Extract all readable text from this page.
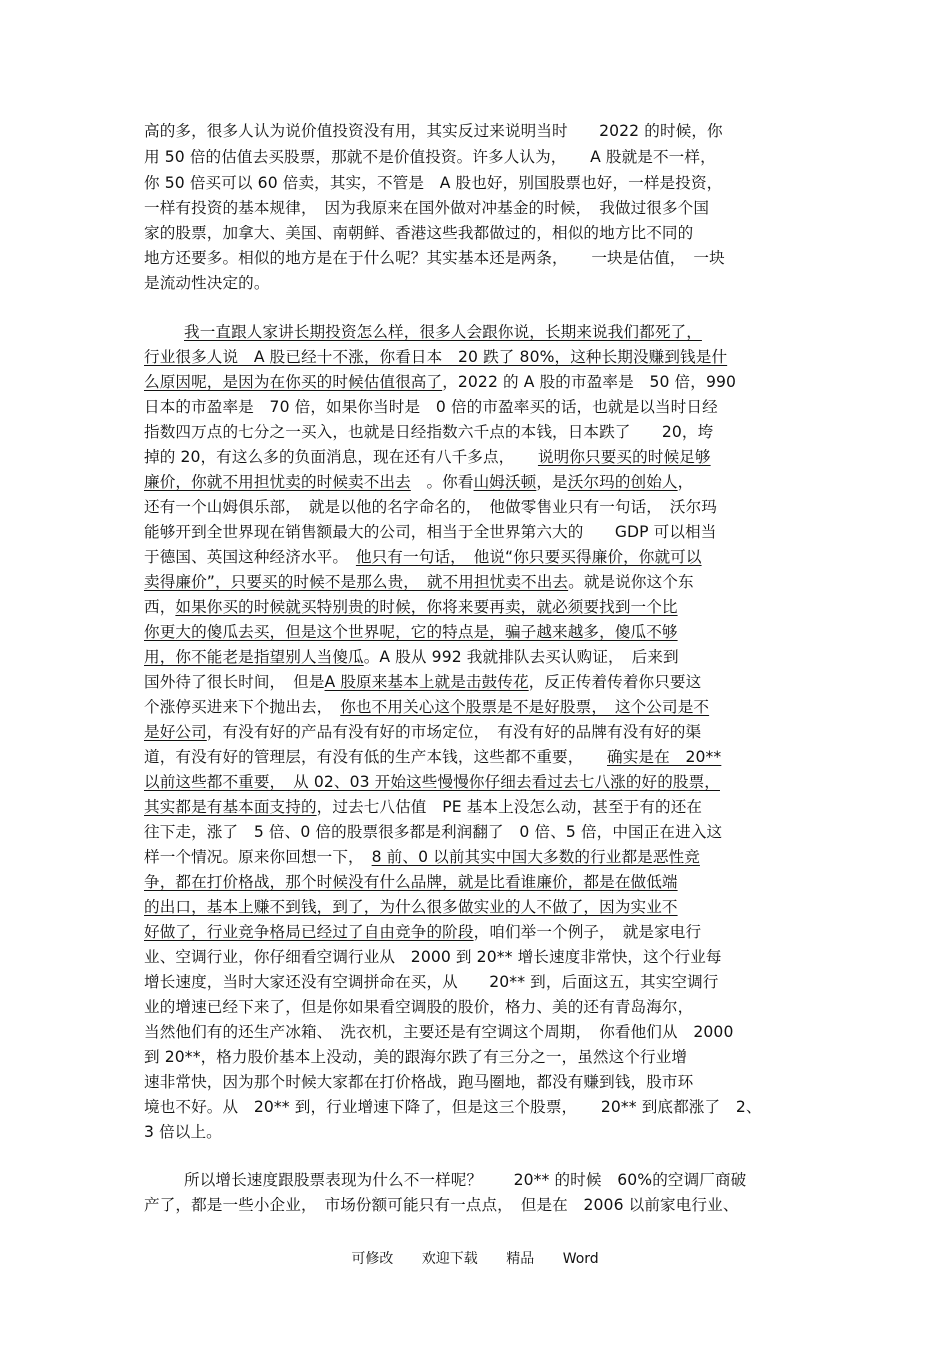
高的多，很多人认为说价值投资没有用，其实反过来说明当时　　2022 的时候，你
用 50 倍的估值去买股票，那就不是价值投资。许多人认为，　　A 股就是不一样，
你 50 倍买可以 60 倍卖，其实，不管是　A 股也好，别国股票也好，一样是投资，
一样有投资的基本规律，　因为我原来在国外做对冲基金的时候，　我做过很多个国
家的股票，加拿大、美国、南朝鲜、香港这些我都做过的，相似的地方比不同的
地方还要多。相似的地方是在于什么呢？其实基本还是两条，　　一块是估值，　一块
是流动性决定的。
我一直跟人家讲长期投资怎么样，很多人会跟你说，长期来说我们都死了，
行业很多人说　A 股已经十不涨，你看日本　20 跌了 80%，这种长期没赚到钱是什
么原因呢，是因为在你买的时候估值很高了，2022 的 A 股的市盈率是　50 倍，990
日本的市盈率是　70 倍，如果你当时是　0 倍的市盈率买的话，也就是以当时日经
指数四万点的七分之一买入，也就是日经指数六千点的本钱，日本跌了　　20，垮
掉的 20，有这么多的负面消息，现在还有八千多点，　　说明你只要买的时候足够
廉价，你就不用担忧卖的时候卖不出去　。你看山姆沃顿，是沃尔玛的创始人，
还有一个山姆俱乐部，　就是以他的名字命名的，　他做零售业只有一句话，　沃尔玛
能够开到全世界现在销售额最大的公司，相当于全世界第六大的　　GDP 可以相当
于德国、英国这种经济水平。　他只有一句话，　他说“你只要买得廉价，你就可以
卖得廉价”，只要买的时候不是那么贵，　就不用担忧卖不出去。就是说你这个东
西，如果你买的时候就买特别贵的时候，你将来要再卖，就必须要找到一个比
你更大的傻瓜去买，但是这个世界呢，它的特点是，骗子越来越多，傻瓜不够
用，你不能老是指望别人当傻瓜。A 股从 992 我就排队去买认购证，　后来到
国外待了很长时间，　但是A 股原来基本上就是击鼓传花，反正传着传着你只要这
个涨停买进来下个抛出去，　你也不用关心这个股票是不是好股票，　这个公司是不
是好公司，有没有好的产品有没有好的市场定位，　有没有好的品牌有没有好的渠
道，有没有好的管理层，有没有低的生产本钱，这些都不重要，　　确实是在　20**
以前这些都不重要，　从 02、03 开始这些慢慢你仔细去看过去七八涨的好的股票，
其实都是有基本面支持的，过去七八估值　PE 基本上没怎么动，甚至于有的还在
往下走，涨了　5 倍、0 倍的股票很多都是利润翻了　0 倍、5 倍，中国正在进入这
样一个情况。原来你回想一下，　8 前、0 以前其实中国大多数的行业都是恶性竞
争，都在打价格战，那个时候没有什么品牌，就是比看谁廉价，都是在做低端
的出口，基本上赚不到钱，到了，为什么很多做实业的人不做了，因为实业不
好做了，行业竞争格局已经过了自由竞争的阶段，咱们举一个例子，　就是家电行
业、空调行业，你仔细看空调行业从　2000 到 20** 增长速度非常快，这个行业每
增长速度，当时大家还没有空调拼命在买，从　　20** 到，后面这五，其实空调行
业的增速已经下来了，但是你如果看空调股的股价，格力、美的还有青岛海尔，
当然他们有的还生产冰箱、　洗衣机，主要还是有空调这个周期，　你看他们从　2000
到 20**，格力股价基本上没动，美的跟海尔跌了有三分之一，虽然这个行业增
速非常快，因为那个时候大家都在打价格战，跑马圈地，都没有赚到钱，股市环
境也不好。从　20** 到，行业增速下降了，但是这三个股票，　　20** 到底都涨了　2、
3 倍以上。
所以增长速度跟股票表现为什么不一样呢？　　20** 的时候　60%的空调厂商破
产了，都是一些小企业，　市场份额可能只有一点点，　但是在　2006 以前家电行业、
可修改 欢迎下载 精品 Word
